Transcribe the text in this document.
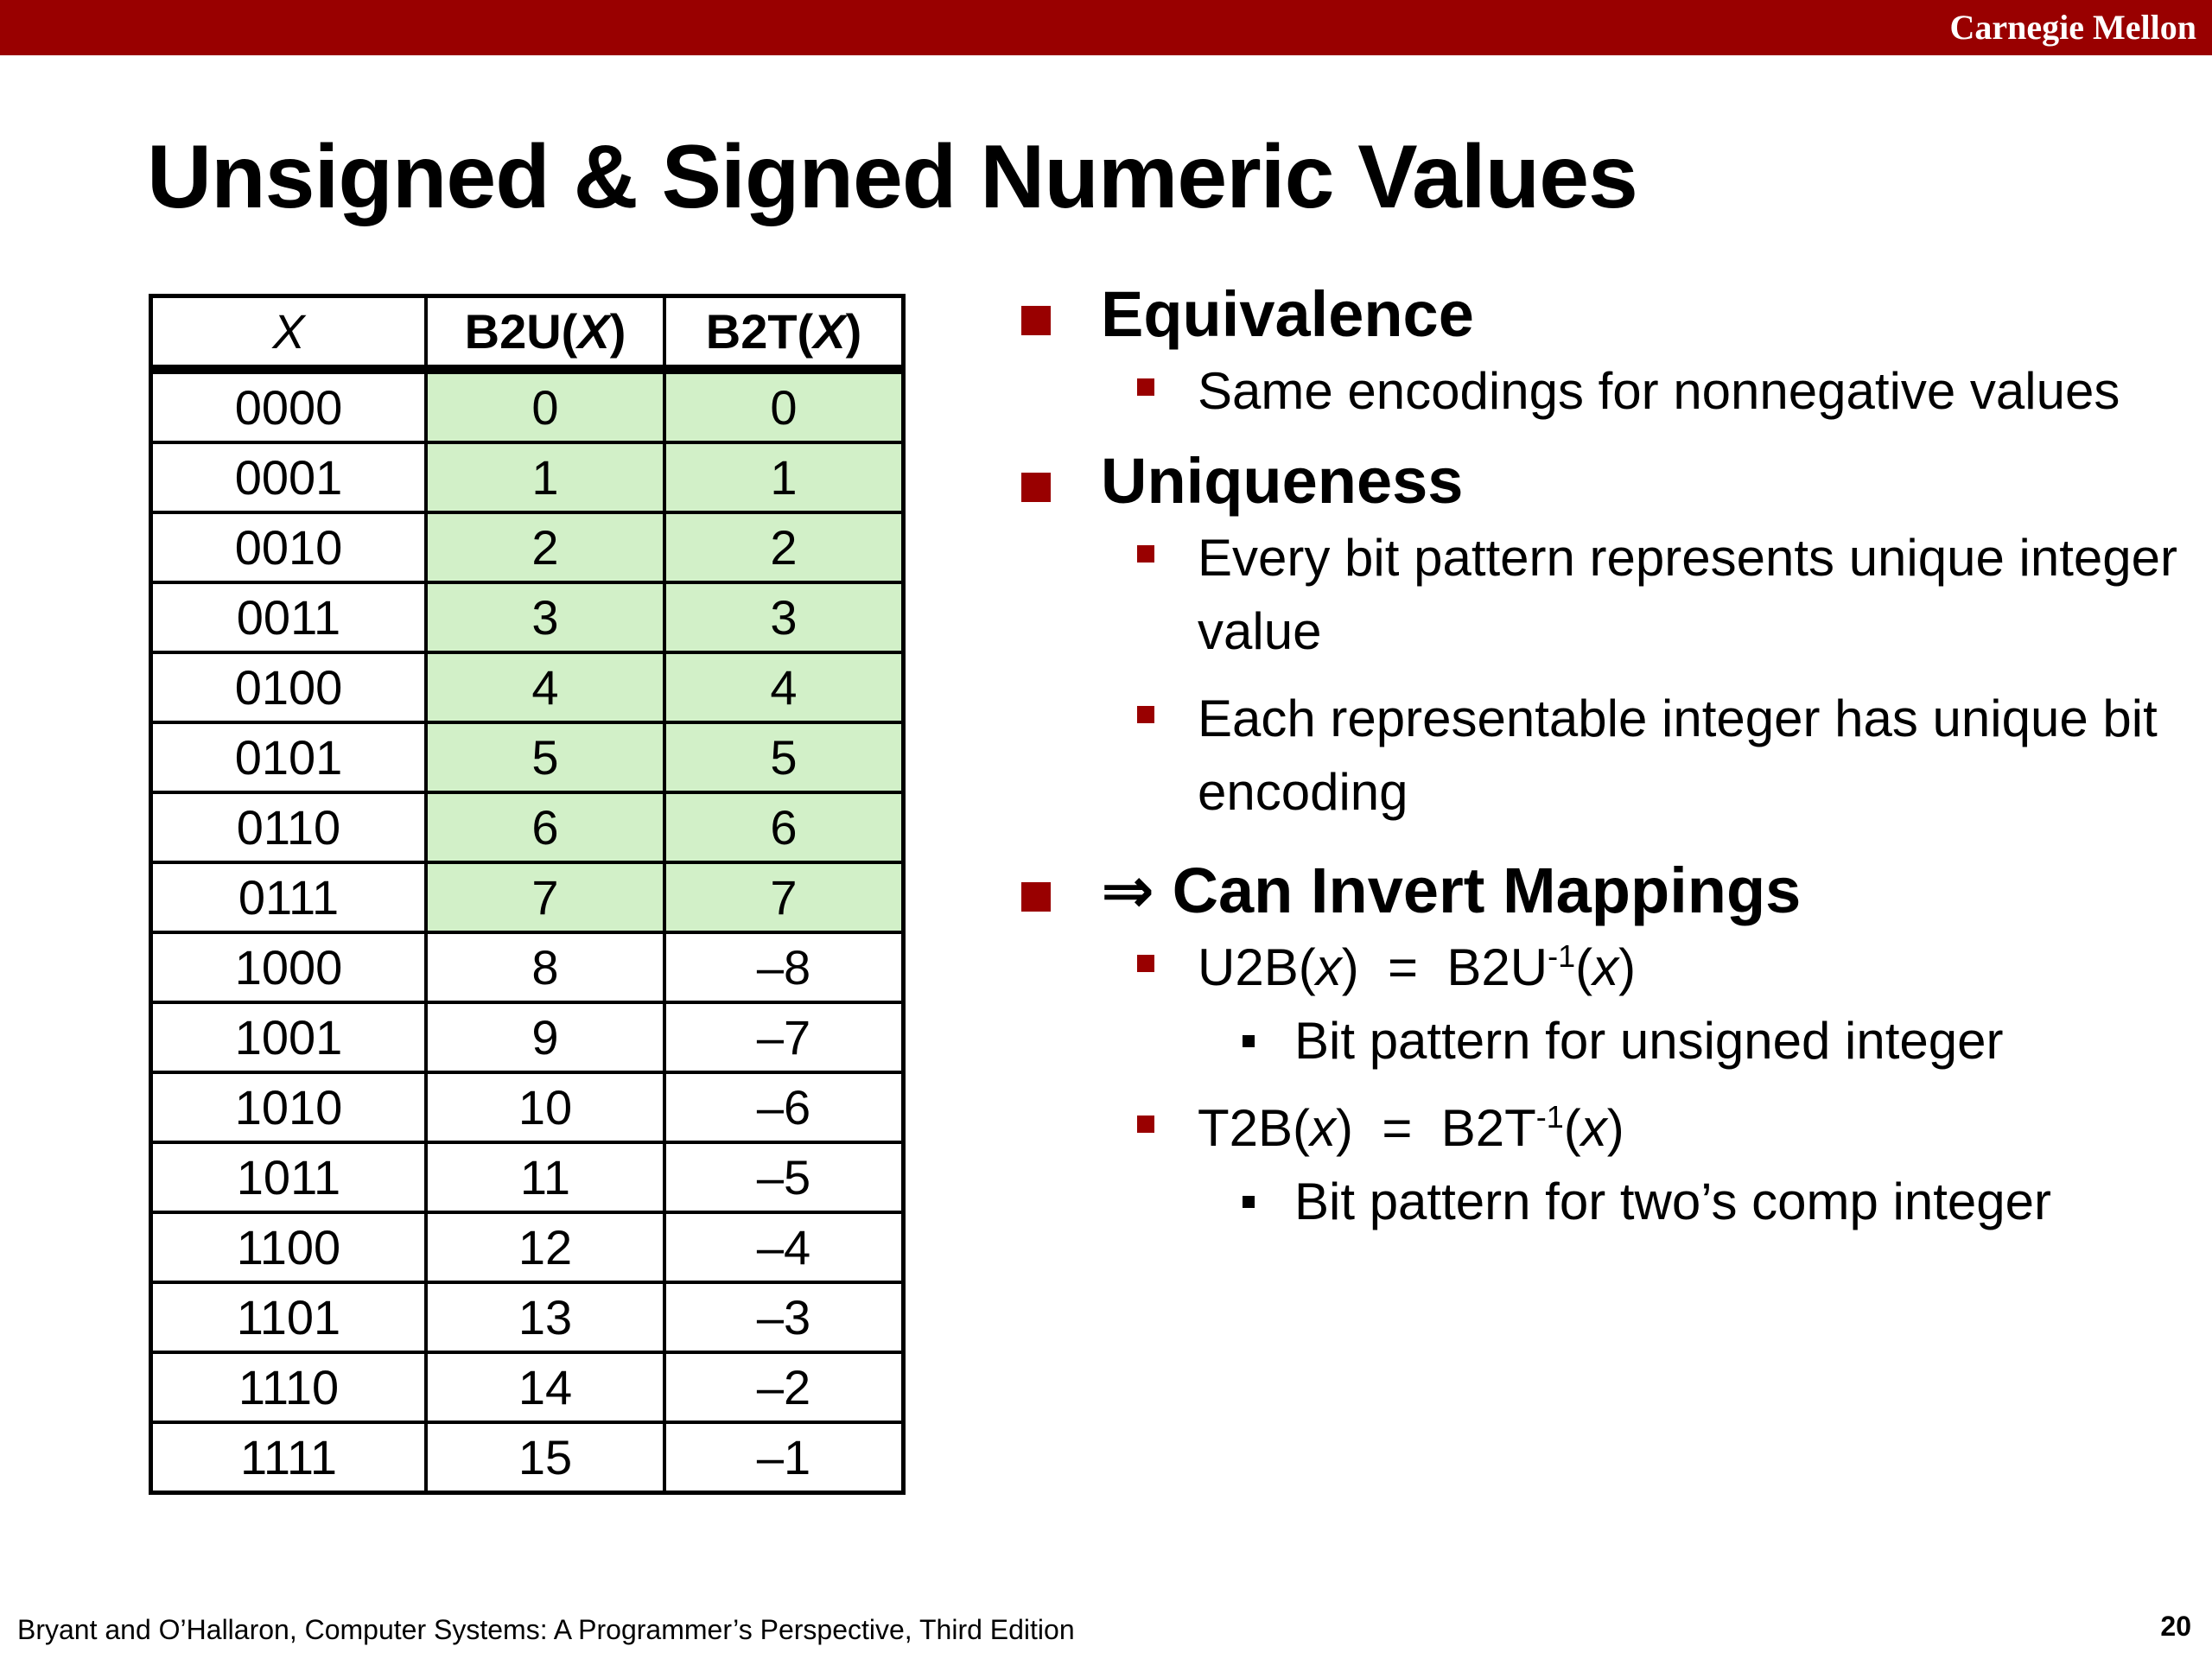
Carnegie Mellon
Unsigned & Signed Numeric Values
X	B2U(X)	B2T(X)
0000	0	0
0001	1	1
0010	2	2
0011	3	3
0100	4	4
0101	5	5
0110	6	6
0111	7	7
1000	8	–8
1001	9	–7
1010	10	–6
1011	11	–5
1100	12	–4
1101	13	–3
1110	14	–2
1111	15	–1
Equivalence
Same encodings for nonnegative values
Uniqueness
Every bit pattern represents unique integer value
Each representable integer has unique bit encoding
⇒ Can Invert Mappings
$U2B(x) = B2U^{-1}(x)$
Bit pattern for unsigned integer
$T2B(x) = B2T^{-1}(x)$
Bit pattern for two’s comp integer
Bryant and O’Hallaron, Computer Systems: A Programmer’s Perspective, Third Edition	20
